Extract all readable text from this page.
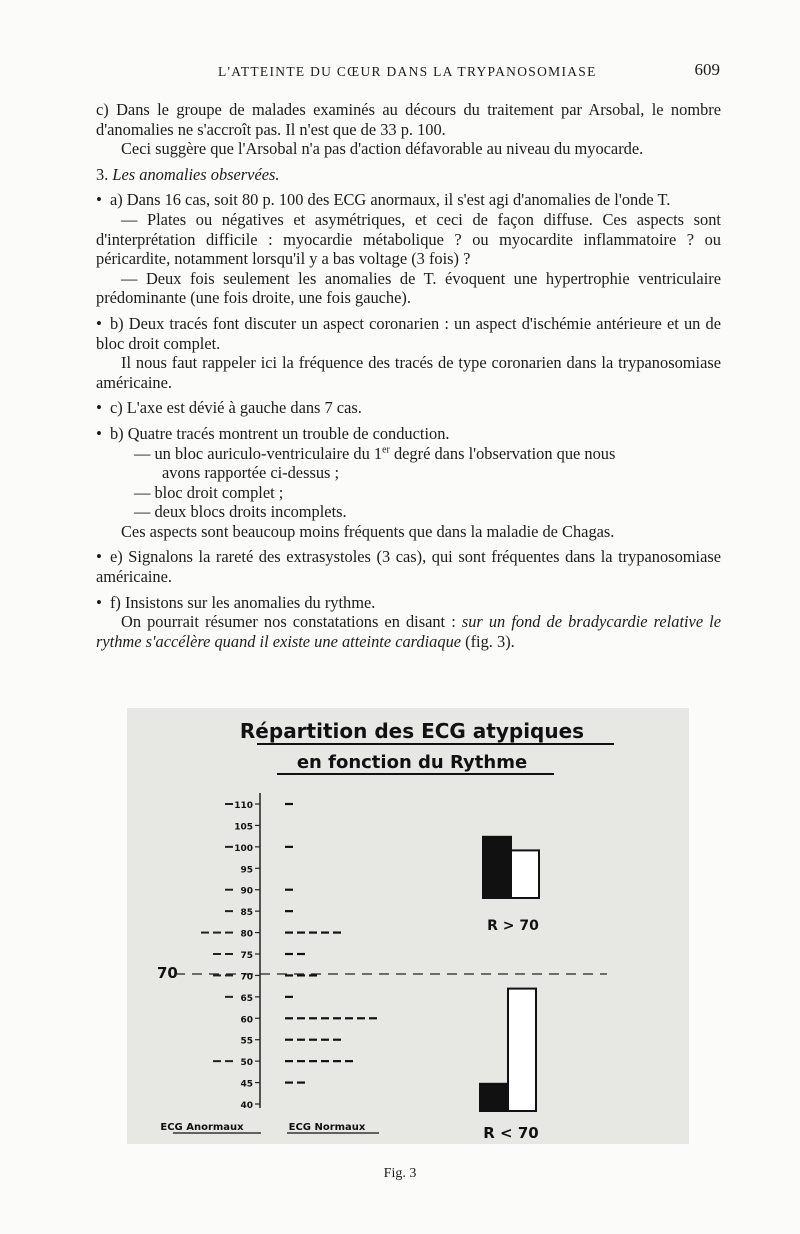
L'ATTEINTE DU CŒUR DANS LA TRYPANOSOMIASE	609

c) Dans le groupe de malades examinés au décours du traitement par Arsobal, le nombre d'anomalies ne s'accroît pas. Il n'est que de 33 p. 100.

Ceci suggère que l'Arsobal n'a pas d'action défavorable au niveau du myocarde.

3. Les anomalies observées.

• a) Dans 16 cas, soit 80 p. 100 des ECG anormaux, il s'est agi d'anomalies de l'onde T.

— Plates ou négatives et asymétriques, et ceci de façon diffuse. Ces aspects sont d'interprétation difficile : myocardie métabolique ? ou myocardite inflammatoire ? ou péricardite, notamment lorsqu'il y a bas voltage (3 fois) ?

— Deux fois seulement les anomalies de T. évoquent une hypertrophie ventriculaire prédominante (une fois droite, une fois gauche).

• b) Deux tracés font discuter un aspect coronarien : un aspect d'ischémie antérieure et un de bloc droit complet.

Il nous faut rappeler ici la fréquence des tracés de type coronarien dans la trypanosomiase américaine.

• c) L'axe est dévié à gauche dans 7 cas.

• b) Quatre tracés montrent un trouble de conduction.

— un bloc auriculo-ventriculaire du 1er degré dans l'observation que nous

avons rapportée ci-dessus ;

— bloc droit complet ;

— deux blocs droits incomplets.

Ces aspects sont beaucoup moins fréquents que dans la maladie de Chagas.

• e) Signalons la rareté des extrasystoles (3 cas), qui sont fréquentes dans la trypanosomiase américaine.

• f) Insistons sur les anomalies du rythme.

On pourrait résumer nos constatations en disant : sur un fond de bradycardie relative le rythme s'accélère quand il existe une atteinte cardiaque (fig. 3).

Répartition des ECG atypiques
en fonction du Rythme
70
110
105
100
95
90
85
80
75
70
65
60
55
50
45
40
R > 70
R < 70
ECG Anormaux	ECG Normaux
Fig. 3
